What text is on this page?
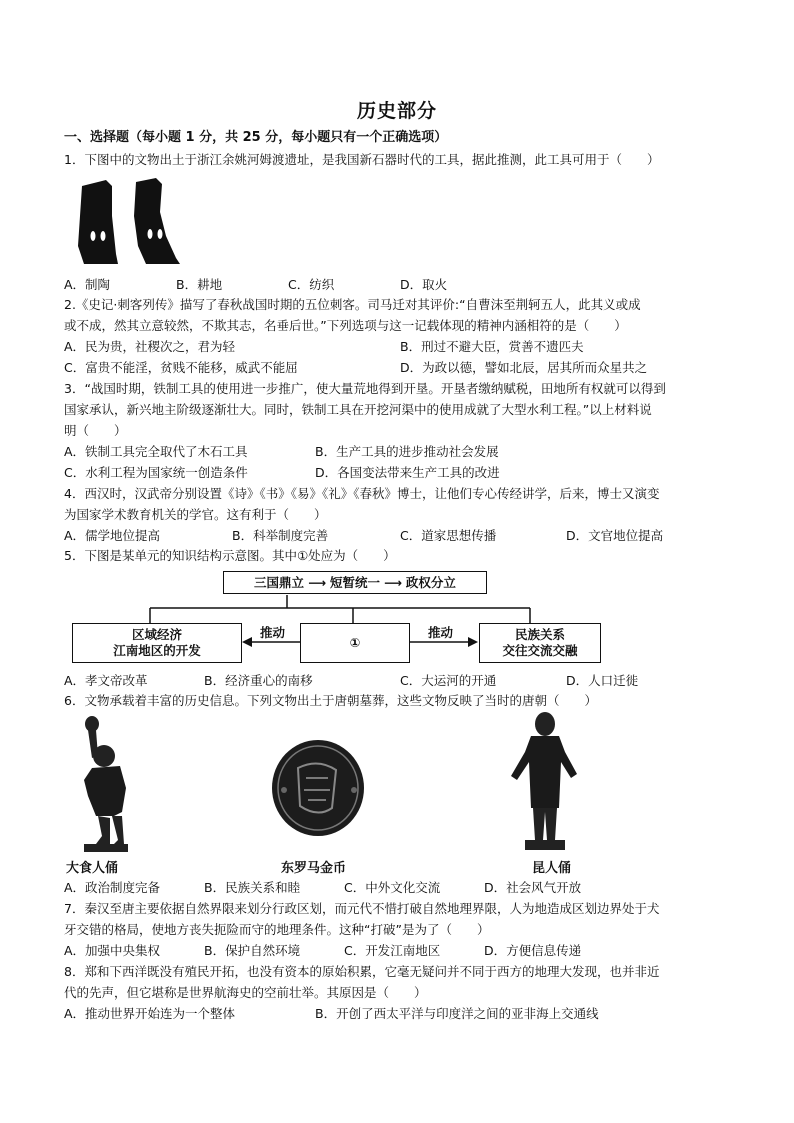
历史部分
一、选择题（每小题 1 分，共 25 分，每小题只有一个正确选项）
1．下图中的文物出土于浙江余姚河姆渡遗址，是我国新石器时代的工具，据此推测，此工具可用于（　　）
A．制陶	B．耕地	C．纺织	D．取火
2.《史记·刺客列传》描写了春秋战国时期的五位刺客。司马迁对其评价:“自曹沫至荆轲五人，此其义或成
或不成，然其立意较然，不欺其志，名垂后世。”下列选项与这一记载体现的精神内涵相符的是（　　）
A．民为贵，社稷次之，君为轻	B．刑过不避大臣，赏善不遗匹夫
C．富贵不能淫，贫贱不能移，威武不能屈	D．为政以德，譬如北辰，居其所而众星共之
3．“战国时期，铁制工具的使用进一步推广，使大量荒地得到开垦。开垦者缴纳赋税，田地所有权就可以得到
国家承认，新兴地主阶级逐渐壮大。同时，铁制工具在开挖河渠中的使用成就了大型水利工程。”以上材料说
明（　　）
A．铁制工具完全取代了木石工具	B．生产工具的进步推动社会发展
C．水利工程为国家统一创造条件	D．各国变法带来生产工具的改进
4．西汉时，汉武帝分别设置《诗》《书》《易》《礼》《春秋》博士，让他们专心传经讲学，后来，博士又演变
为国家学术教育机关的学官。这有利于（　　）
A．儒学地位提高	B．科举制度完善	C．道家思想传播	D．文官地位提高
5．下图是某单元的知识结构示意图。其中①处应为（　　）
三国鼎立 ⟶ 短暂统一 ⟶ 政权分立
区域经济
江南地区的开发
①
民族关系
交往交流交融
推动	推动
A．孝文帝改革	B．经济重心的南移	C．大运河的开通	D．人口迁徙
6．文物承载着丰富的历史信息。下列文物出土于唐朝墓葬，这些文物反映了当时的唐朝（　　）
大食人俑	东罗马金币	昆人俑
A．政治制度完备	B．民族关系和睦	C．中外文化交流	D．社会风气开放
7．秦汉至唐主要依据自然界限来划分行政区划，而元代不惜打破自然地理界限，人为地造成区划边界处于犬
牙交错的格局，使地方丧失扼险而守的地理条件。这种“打破”是为了（　　）
A．加强中央集权	B．保护自然环境	C．开发江南地区	D．方便信息传递
8．郑和下西洋既没有殖民开拓，也没有资本的原始积累，它毫无疑问并不同于西方的地理大发现，也并非近
代的先声，但它堪称是世界航海史的空前壮举。其原因是（　　）
A．推动世界开始连为一个整体	B．开创了西太平洋与印度洋之间的亚非海上交通线
